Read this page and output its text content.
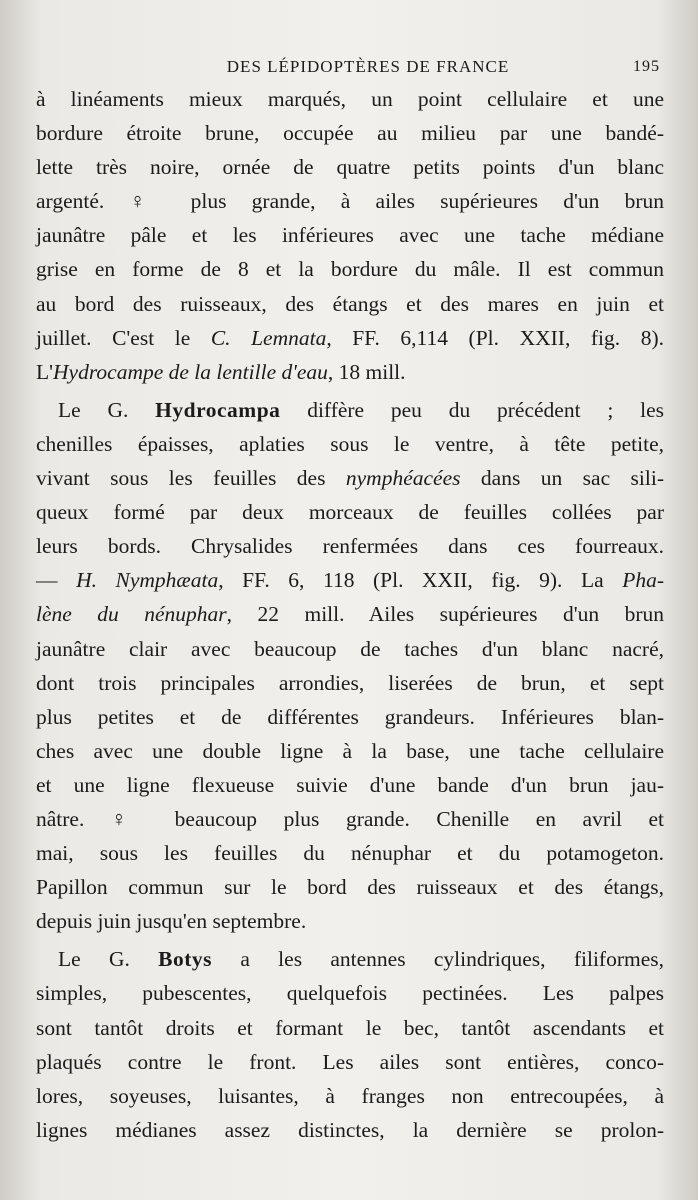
DES LÉPIDOPTÈRES DE FRANCE	195
à linéaments mieux marqués, un point cellulaire et une
bordure étroite brune, occupée au milieu par une bandé-
lette très noire, ornée de quatre petits points d'un blanc
argenté. ♀ plus grande, à ailes supérieures d'un brun
jaunâtre pâle et les inférieures avec une tache médiane
grise en forme de 8 et la bordure du mâle. Il est commun
au bord des ruisseaux, des étangs et des mares en juin et
juillet. C'est le C. Lemnata, FF. 6,114 (Pl. XXII, fig. 8).
L'Hydrocampe de la lentille d'eau, 18 mill.
Le G. Hydrocampa diffère peu du précédent ; les
chenilles épaisses, aplaties sous le ventre, à tête petite,
vivant sous les feuilles des nymphéacées dans un sac sili-
queux formé par deux morceaux de feuilles collées par
leurs bords. Chrysalides renfermées dans ces fourreaux.
— H. Nymphæata, FF. 6, 118 (Pl. XXII, fig. 9). La Pha-
lène du nénuphar, 22 mill. Ailes supérieures d'un brun
jaunâtre clair avec beaucoup de taches d'un blanc nacré,
dont trois principales arrondies, liserées de brun, et sept
plus petites et de différentes grandeurs. Inférieures blan-
ches avec une double ligne à la base, une tache cellulaire
et une ligne flexueuse suivie d'une bande d'un brun jau-
nâtre. ♀ beaucoup plus grande. Chenille en avril et
mai, sous les feuilles du nénuphar et du potamogeton.
Papillon commun sur le bord des ruisseaux et des étangs,
depuis juin jusqu'en septembre.
Le G. Botys a les antennes cylindriques, filiformes,
simples, pubescentes, quelquefois pectinées. Les palpes
sont tantôt droits et formant le bec, tantôt ascendants et
plaqués contre le front. Les ailes sont entières, conco-
lores, soyeuses, luisantes, à franges non entrecoupées, à
lignes médianes assez distinctes, la dernière se prolon-
